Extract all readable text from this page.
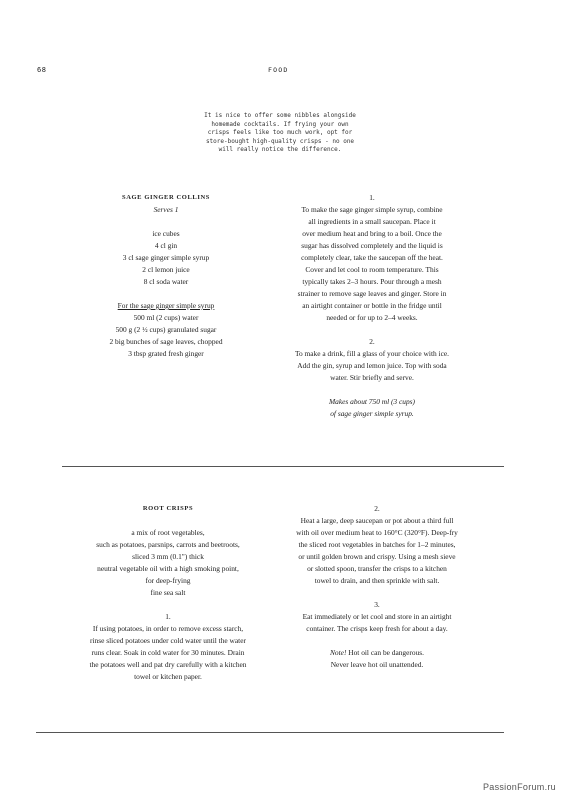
68	FOOD
It is nice to offer some nibbles alongside
homemade cocktails. If frying your own
crisps feels like too much work, opt for
store-bought high-quality crisps - no one
will really notice the difference.
SAGE GINGER COLLINS
Serves 1
ice cubes
4 cl gin
3 cl sage ginger simple syrup
2 cl lemon juice
8 cl soda water
For the sage ginger simple syrup
500 ml (2 cups) water
500 g (2 ½ cups) granulated sugar
2 big bunches of sage leaves, chopped
3 tbsp grated fresh ginger
1.
To make the sage ginger simple syrup, combine
all ingredients in a small saucepan. Place it
over medium heat and bring to a boil. Once the
sugar has dissolved completely and the liquid is
completely clear, take the saucepan off the heat.
Cover and let cool to room temperature. This
typically takes 2–3 hours. Pour through a mesh
strainer to remove sage leaves and ginger. Store in
an airtight container or bottle in the fridge until
needed or for up to 2–4 weeks.
2.
To make a drink, fill a glass of your choice with ice.
Add the gin, syrup and lemon juice. Top with soda
water. Stir briefly and serve.
Makes about 750 ml (3 cups)
of sage ginger simple syrup.
ROOT CRISPS
a mix of root vegetables,
such as potatoes, parsnips, carrots and beetroots,
sliced 3 mm (0.1") thick
neutral vegetable oil with a high smoking point,
for deep-frying
fine sea salt
1.
If using potatoes, in order to remove excess starch,
rinse sliced potatoes under cold water until the water
runs clear. Soak in cold water for 30 minutes. Drain
the potatoes well and pat dry carefully with a kitchen
towel or kitchen paper.
2.
Heat a large, deep saucepan or pot about a third full
with oil over medium heat to 160°C (320°F). Deep-fry
the sliced root vegetables in batches for 1–2 minutes,
or until golden brown and crispy. Using a mesh sieve
or slotted spoon, transfer the crisps to a kitchen
towel to drain, and then sprinkle with salt.
3.
Eat immediately or let cool and store in an airtight
container. The crisps keep fresh for about a day.
Note! Hot oil can be dangerous.
Never leave hot oil unattended.
PassionForum.ru
